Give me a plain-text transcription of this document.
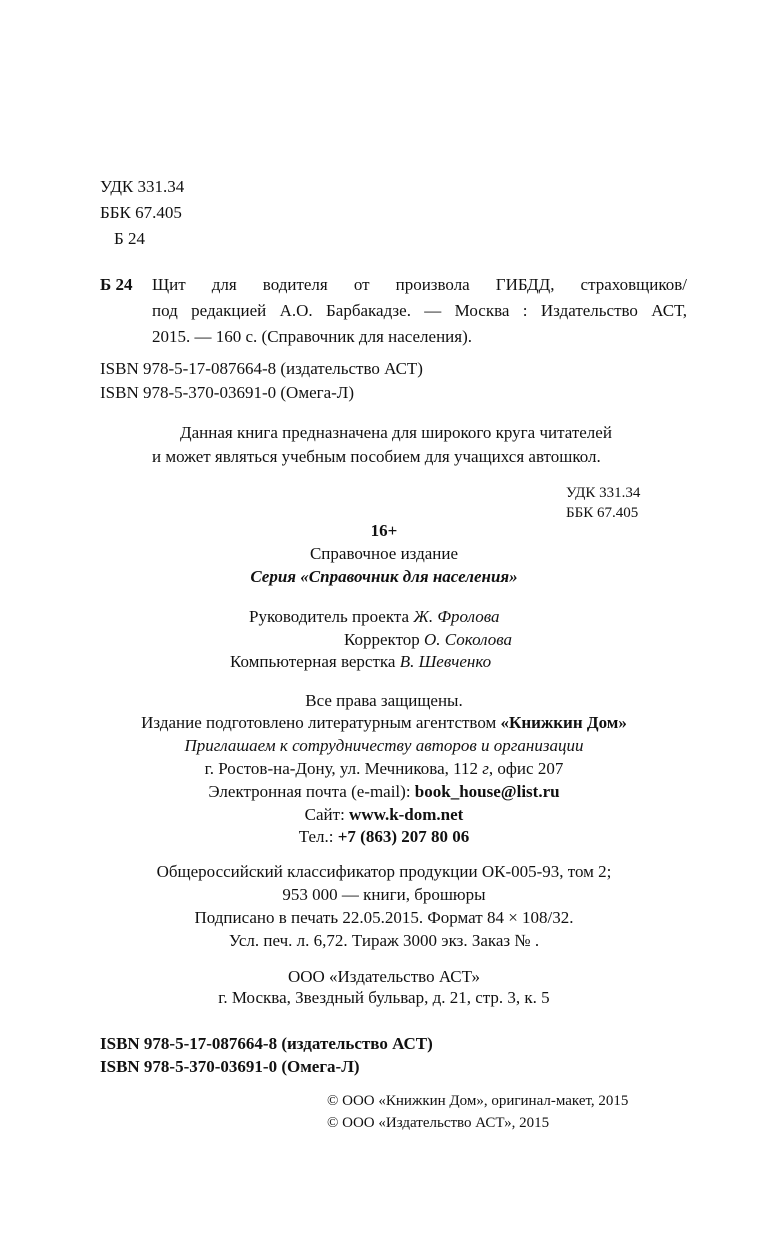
УДК 331.34
ББК 67.405
Б 24
Б 24 Щит для водителя от произвола ГИБДД, страховщиков/
под редакцией А.О. Барбакадзе. — Москва : Издательство АСТ,
2015. — 160 с. (Справочник для населения).
ISBN 978-5-17-087664-8 (издательство АСТ)
ISBN 978-5-370-03691-0 (Омега-Л)
Данная книга предназначена для широкого круга читателей
и может являться учебным пособием для учащихся автошкол.
УДК 331.34
ББК 67.405
16+
Справочное издание
Серия «Справочник для населения»
Руководитель проекта Ж. Фролова
Корректор О. Соколова
Компьютерная верстка В. Шевченко
Все права защищены.
Издание подготовлено литературным агентством «Книжкин Дом»
Приглашаем к сотрудничеству авторов и организации
г. Ростов-на-Дону, ул. Мечникова, 112 г, офис 207
Электронная почта (e-mail): book_house@list.ru
Сайт: www.k-dom.net
Тел.: +7 (863) 207 80 06
Общероссийский классификатор продукции ОК-005-93, том 2;
953 000 — книги, брошюры
Подписано в печать 22.05.2015. Формат 84 × 108/32.
Усл. печ. л. 6,72. Тираж 3000 экз. Заказ № .
ООО «Издательство АСТ»
г. Москва, Звездный бульвар, д. 21, стр. 3, к. 5
ISBN 978-5-17-087664-8 (издательство АСТ)
ISBN 978-5-370-03691-0 (Омега-Л)
© ООО «Книжкин Дом», оригинал-макет, 2015
© ООО «Издательство АСТ», 2015
